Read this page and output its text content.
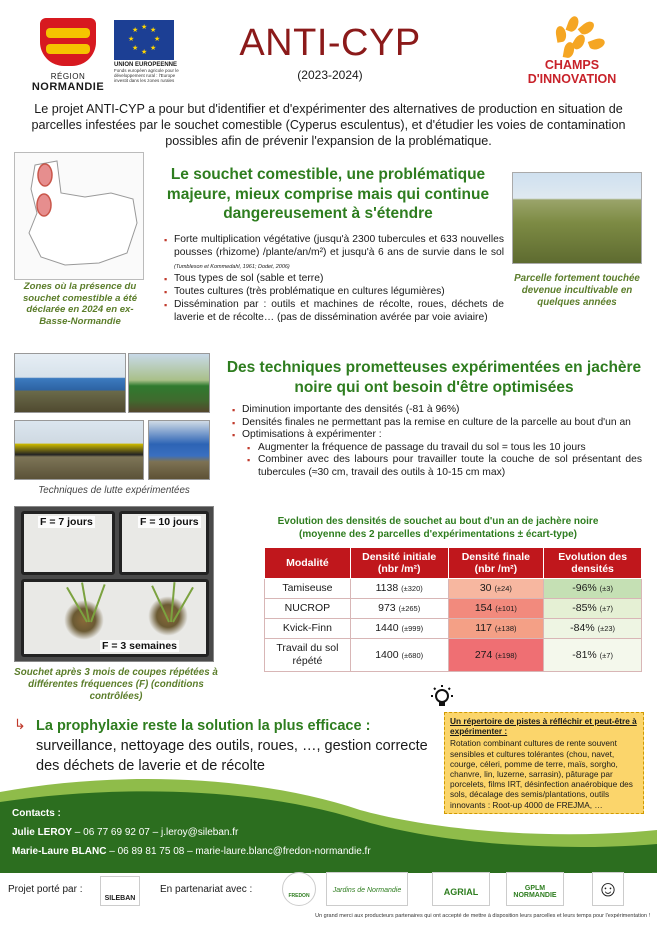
RÉGION
NORMANDIE
★ ★
★
★
★
★
★
★
UNION EUROPEENNE
Fonds européen agricole pour le développement rural : l'Europe investit dans les zones rurales
ANTI-CYP
(2023-2024)
CHAMPS
D'INNOVATION
Le projet ANTI-CYP a pour but d'identifier et d'expérimenter des alternatives de production en situation de parcelles infestées par le souchet comestible (Cyperus esculentus), et d'étudier les voies de contamination possibles afin de prévenir l'expansion de la problématique.
Zones où la présence du souchet comestible a été déclarée en 2024 en ex-Basse-Normandie
Le souchet comestible, une problématique majeure, mieux comprise mais qui continue dangereusement à s'étendre
▪ Forte multiplication végétative (jusqu'à 2300 tubercules et 633 nouvelles pousses (rhizome) /plante/an/m²) et jusqu'à 6 ans de survie dans le sol (Tumbleson et Kommedahl, 1961; Dodet, 2006)
▪ Tous types de sol (sable et terre)
▪ Toutes cultures (très problématique en cultures légumières)
▪ Dissémination par : outils et machines de récolte, roues, déchets de laverie et de récolte… (pas de dissémination avérée par voie aviaire)
Parcelle fortement touchée devenue incultivable en quelques années
Techniques de lutte expérimentées
Des techniques prometteuses expérimentées en jachère noire qui ont besoin d'être optimisées
▪ Diminution importante des densités (-81 à 96%)
▪ Densités finales ne permettant pas la remise en culture de la parcelle au bout d'un an
▪ Optimisations à expérimenter :
▪ Augmenter la fréquence de passage du travail du sol = tous les 10 jours
▪ Combiner avec des labours pour travailler toute la couche de sol présentant des tubercules (≈30 cm, travail des outils à 10-15 cm max)
F = 7 jours	F = 10 jours
F = 3 semaines
Souchet après 3 mois de coupes répétées à différentes fréquences (F) (conditions contrôlées)
Evolution des densités de souchet au bout d'un an de jachère noire
(moyenne des 2 parcelles d'expérimentations ± écart-type)
Modalité	Densité initiale (nbr /m²)	Densité finale (nbr /m²)	Evolution des densités
Tamiseuse	1138 (±320)	30 (±24)	-96% (±3)
NUCROP	973 (±265)	154 (±101)	-85% (±7)
Kvick-Finn	1440 (±999)	117 (±138)	-84% (±23)
Travail du sol répété	1400 (±680)	274 (±198)	-81% (±7)
↳ La prophylaxie reste la solution la plus efficace : surveillance, nettoyage des outils, roues, …, gestion correcte des déchets de laverie et de récolte
Un répertoire de pistes à réfléchir et peut-être à expérimenter :
Rotation combinant cultures de rente souvent sensibles et cultures tolérantes (chou, navet, courge, céleri, pomme de terre, maïs, sorgho, chanvre, lin, luzerne, sarrasin), pâturage par porcelets, films IRT, désinfection anaérobique des sols, décalage des semis/plantations, outils innovants : Root-up 4000 de FREJMA, …
Contacts :
Julie LEROY – 06 77 69 92 07 – j.leroy@sileban.fr
Marie-Laure BLANC – 06 89 81 75 08 – marie-laure.blanc@fredon-normandie.fr
Projet porté par :
SILEBAN
En partenariat avec :
FREDON
Jardins de Normandie	AGRIAL	GPLM NORMANDIE	☺
Un grand merci aux producteurs partenaires qui ont accepté de mettre à disposition leurs parcelles et leurs temps pour l'expérimentation !
